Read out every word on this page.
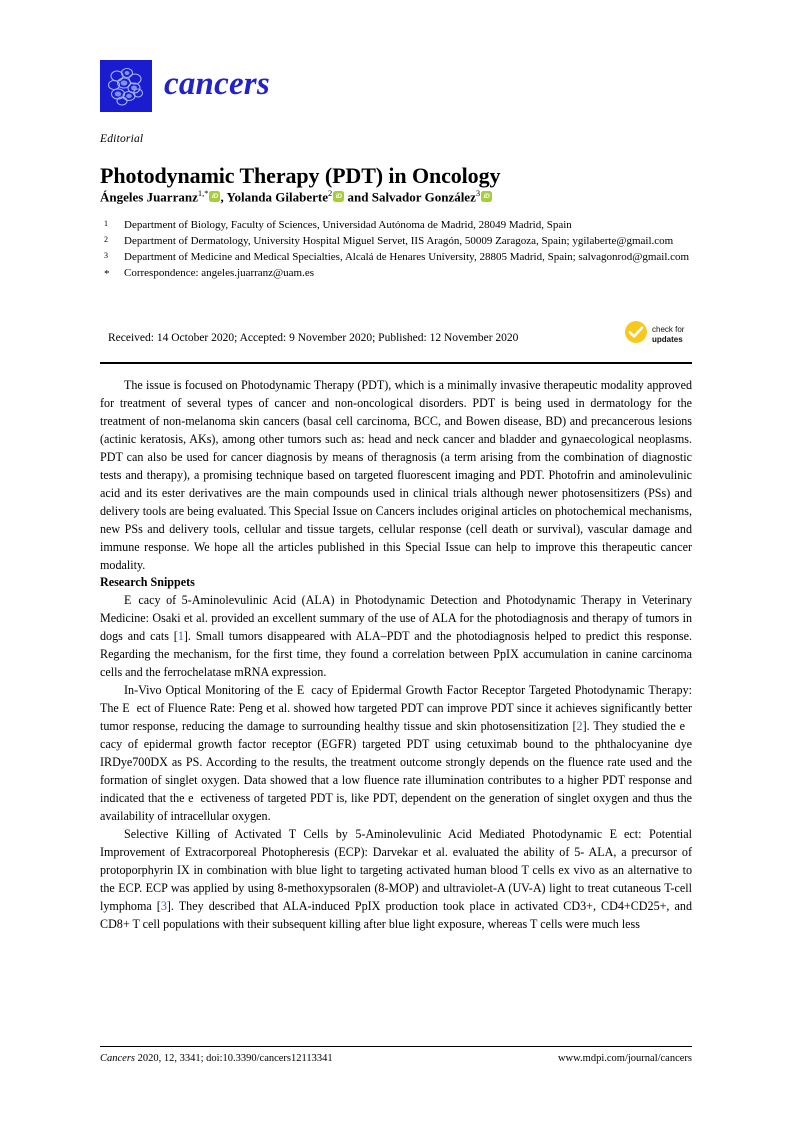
cancers
Editorial
Photodynamic Therapy (PDT) in Oncology
Ángeles Juarranz$^{1,*}$ iD , Yolanda Gilaberte$^2$ iD and Salvador González$^3$ iD
1	Department of Biology, Faculty of Sciences, Universidad Autónoma de Madrid, 28049 Madrid, Spain
2	Department of Dermatology, University Hospital Miguel Servet, IIS Aragón, 50009 Zaragoza, Spain; ygilaberte@gmail.com
3	Department of Medicine and Medical Specialties, Alcalá de Henares University, 28805 Madrid, Spain; salvagonrod@gmail.com
*	Correspondence: angeles.juarranz@uam.es
Received: 14 October 2020; Accepted: 9 November 2020; Published: 12 November 2020
check for
updates

The issue is focused on Photodynamic Therapy (PDT), which is a minimally invasive therapeutic modality approved for treatment of several types of cancer and non-oncological disorders. PDT is being used in dermatology for the treatment of non-melanoma skin cancers (basal cell carcinoma, BCC, and Bowen disease, BD) and precancerous lesions (actinic keratosis, AKs), among other tumors such as: head and neck cancer and bladder and gynaecological neoplasms. PDT can also be used for cancer diagnosis by means of theragnosis (a term arising from the combination of diagnostic tests and therapy), a promising technique based on targeted fluorescent imaging and PDT. Photofrin and aminolevulinic acid and its ester derivatives are the main compounds used in clinical trials although newer photosensitizers (PSs) and delivery tools are being evaluated. This Special Issue on Cancers includes original articles on photochemical mechanisms, new PSs and delivery tools, cellular and tissue targets, cellular response (cell death or survival), vascular damage and immune response. We hope all the articles published in this Special Issue can help to improve this therapeutic cancer modality.

Research Snippets

E cacy of 5-Aminolevulinic Acid (ALA) in Photodynamic Detection and Photodynamic Therapy in Veterinary Medicine: Osaki et al. provided an excellent summary of the use of ALA for the photodiagnosis and therapy of tumors in dogs and cats [1]. Small tumors disappeared with ALA–PDT and the photodiagnosis helped to predict this response. Regarding the mechanism, for the first time, they found a correlation between PpIX accumulation in canine carcinoma cells and the ferrochelatase mRNA expression.

In-Vivo Optical Monitoring of the E cacy of Epidermal Growth Factor Receptor Targeted Photodynamic Therapy: The E ect of Fluence Rate: Peng et al. showed how targeted PDT can improve PDT since it achieves significantly better tumor response, reducing the damage to surrounding healthy tissue and skin photosensitization [2]. They studied the ecacy of epidermal growth factor receptor (EGFR) targeted PDT using cetuximab bound to the phthalocyanine dye IRDye700DX as PS. According to the results, the treatment outcome strongly depends on the fluence rate used and the formation of singlet oxygen. Data showed that a low fluence rate illumination contributes to a higher PDT response and indicated that the e ectiveness of targeted PDT is, like PDT, dependent on the generation of singlet oxygen and thus the availability of intracellular oxygen.

Selective Killing of Activated T Cells by 5-Aminolevulinic Acid Mediated Photodynamic E ect: Potential Improvement of Extracorporeal Photopheresis (ECP): Darvekar et al. evaluated the ability of 5- ALA, a precursor of protoporphyrin IX in combination with blue light to targeting activated human blood T cells ex vivo as an alternative to the ECP. ECP was applied by using 8-methoxypsoralen (8-MOP) and ultraviolet-A (UV-A) light to treat cutaneous T-cell lymphoma [3]. They described that ALA-induced PpIX production took place in activated CD3+, CD4+CD25+, and CD8+ T cell populations with their subsequent killing after blue light exposure, whereas T cells were much less

Cancers 2020, 12, 3341; doi:10.3390/cancers12113341	www.mdpi.com/journal/cancers
